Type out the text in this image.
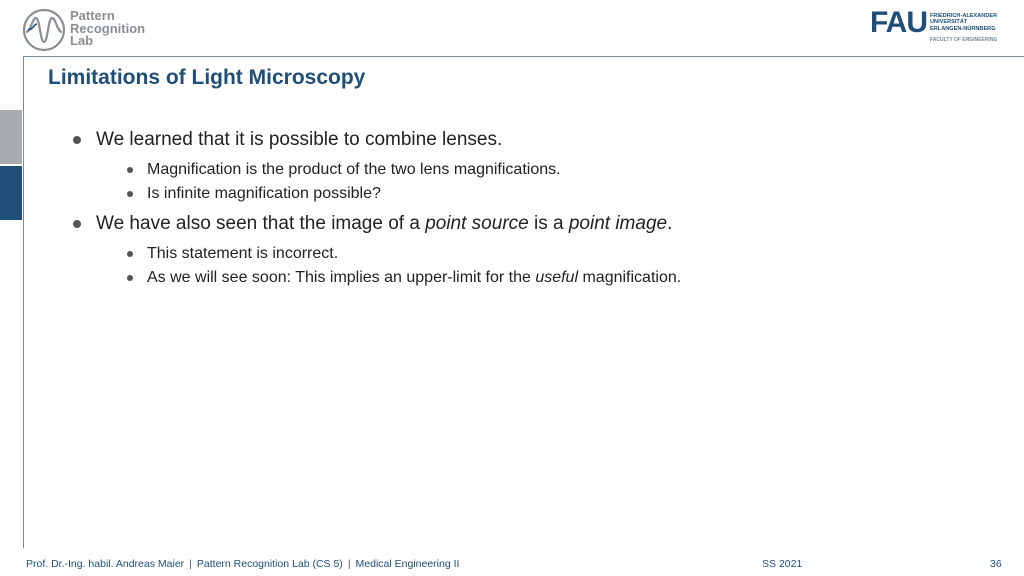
Pattern
Recognition
Lab
FAU FRIEDRICH-ALEXANDER
UNIVERSITÄT
ERLANGEN-NÜRNBERG
FACULTY OF ENGINEERING
Limitations of Light Microscopy
We learned that it is possible to combine lenses.
Magnification is the product of the two lens magnifications.
Is infinite magnification possible?
We have also seen that the image of a point source is a point image.
This statement is incorrect.
As we will see soon: This implies an upper-limit for the useful magnification.
Prof. Dr.-Ing. habil. Andreas Maier | Pattern Recognition Lab (CS 5) | Medical Engineering II	SS 2021	36
